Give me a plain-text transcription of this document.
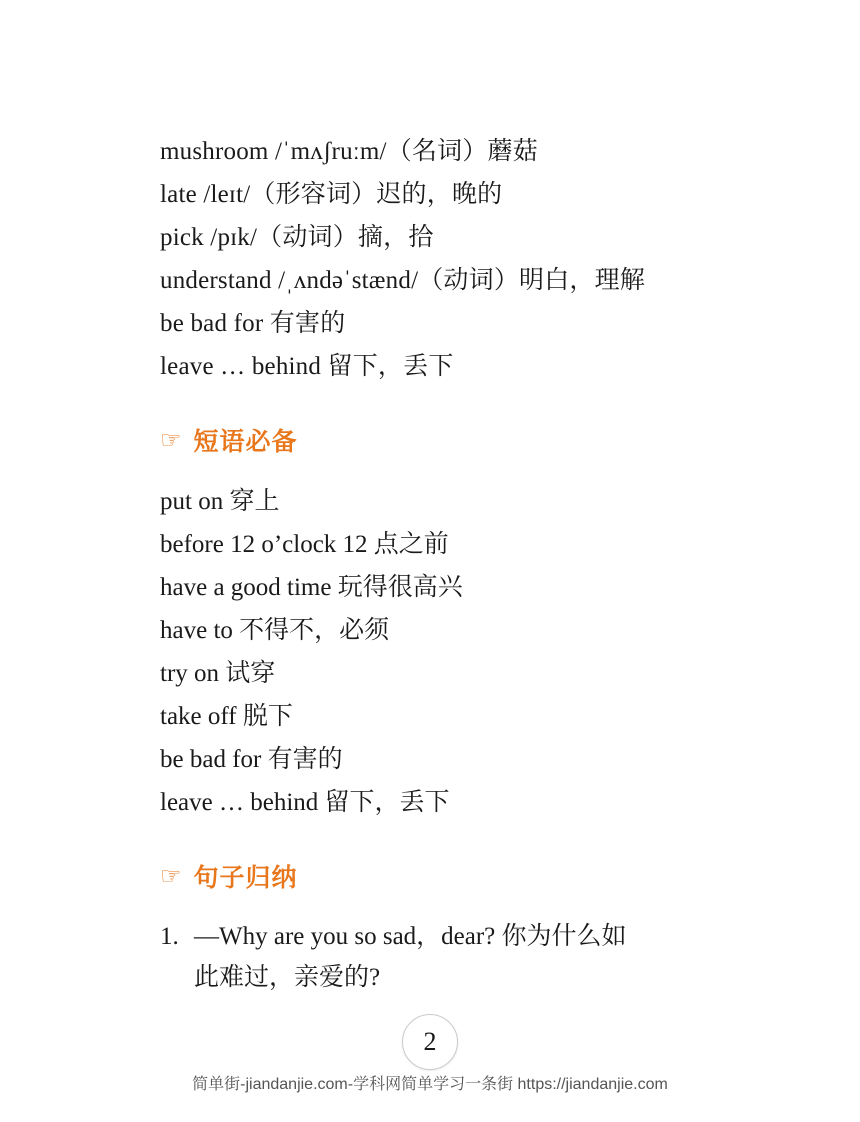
mushroom /ˈmʌʃruːm/（名词）蘑菇
late /leɪt/（形容词）迟的，晚的
pick /pɪk/（动词）摘，拾
understand /ˌʌndəˈstænd/（动词）明白，理解
be bad for 有害的
leave … behind 留下，丢下
☞ 短语必备
put on 穿上
before 12 o’clock 12 点之前
have a good time 玩得很高兴
have to 不得不，必须
try on 试穿
take off 脱下
be bad for 有害的
leave … behind 留下，丢下
☞ 句子归纳
1. —Why are you so sad，dear? 你为什么如
此难过，亲爱的?
2
简单街-jiandanjie.com-学科网简单学习一条街 https://jiandanjie.com
